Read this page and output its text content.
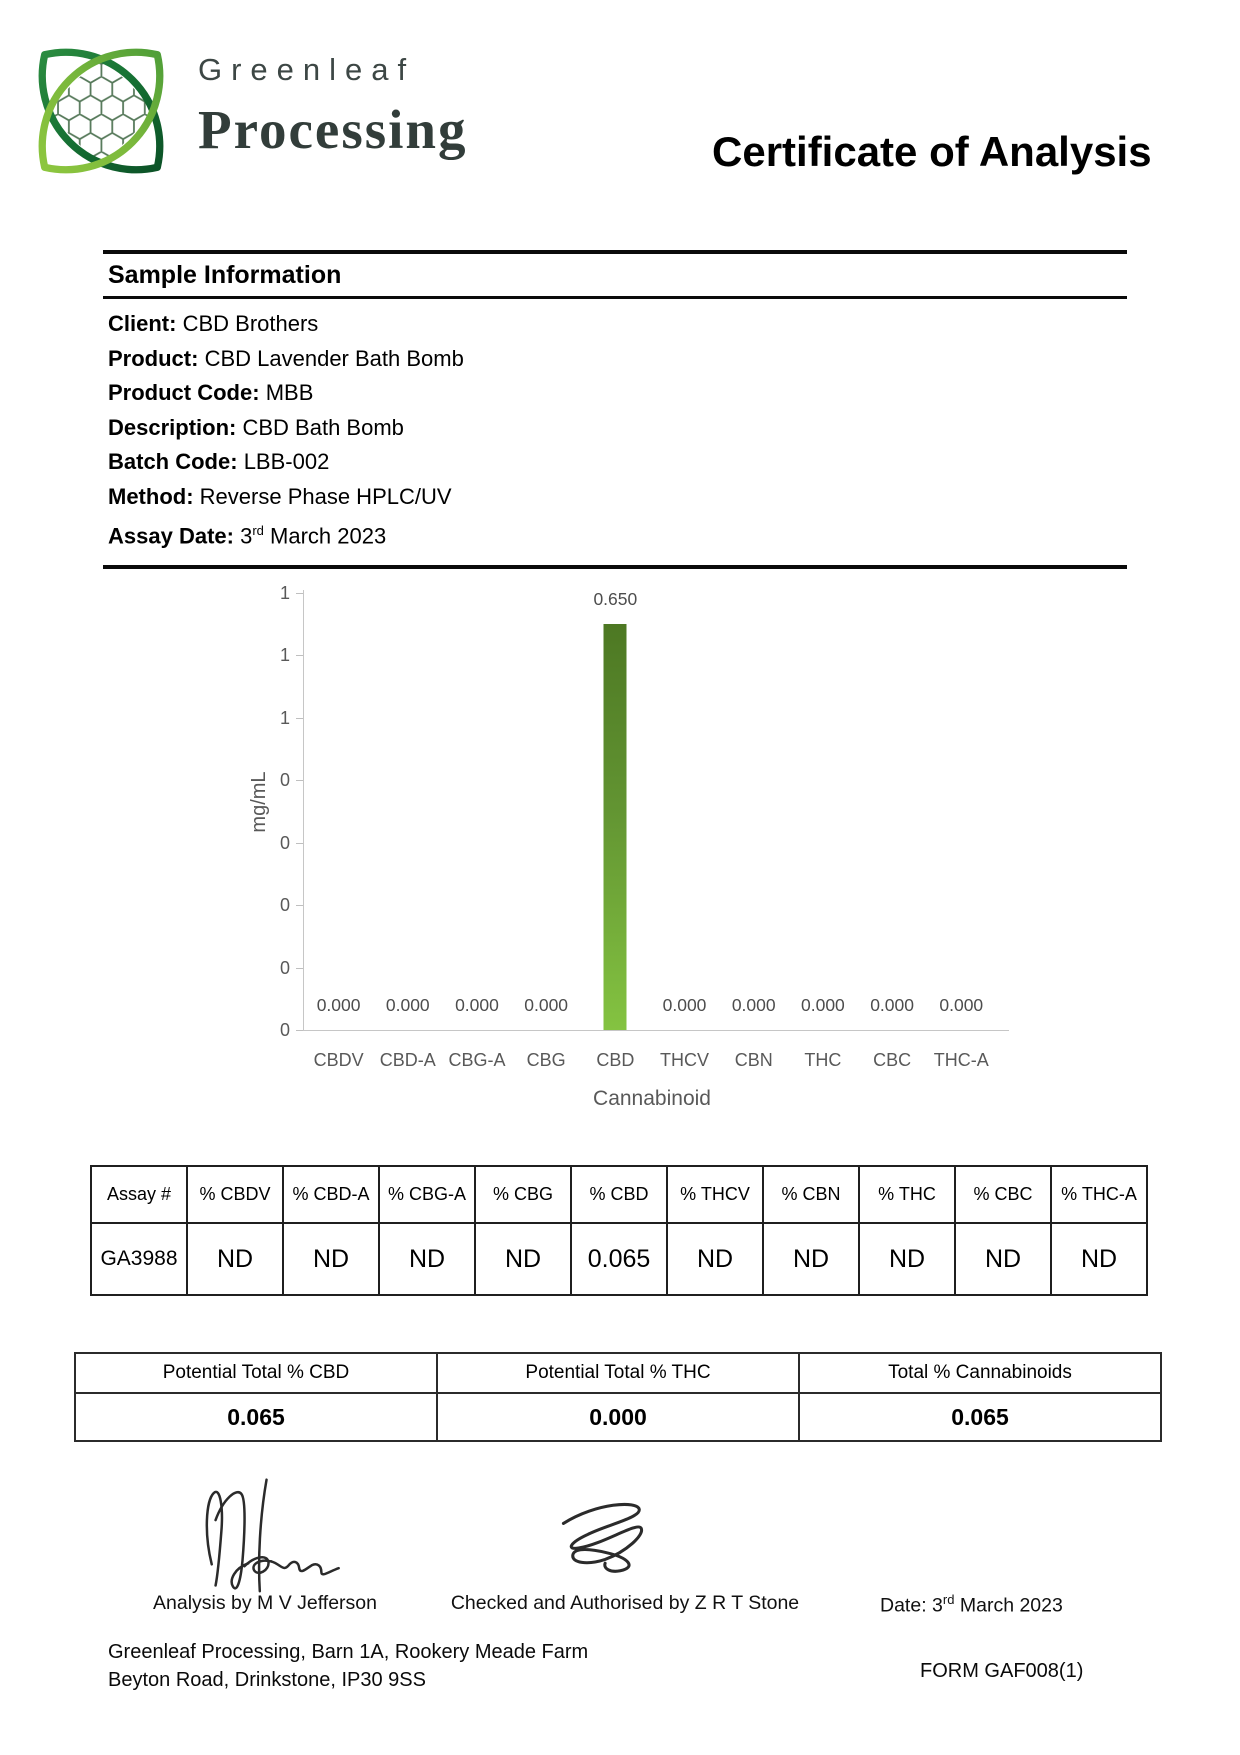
Greenleaf
Processing	Certificate of Analysis
Sample Information
Client: CBD Brothers
Product: CBD Lavender Bath Bomb
Product Code: MBB
Description: CBD Bath Bomb
Batch Code: LBB-002
Method: Reverse Phase HPLC/UV
Assay Date: 3rd March 2023
1
1
1
0
0
0
0
0
mg/mL
0.000
CBDV
0.000
CBD-A
0.000
CBG-A
0.000
CBG
0.650
CBD
0.000
THCV
0.000
CBN
0.000
THC
0.000
CBC
0.000
THC-A
Cannabinoid
Assay #	% CBDV	% CBD-A	% CBG-A	% CBG	% CBD	% THCV	% CBN	% THC	% CBC	% THC-A
GA3988	ND	ND	ND	ND	0.065	ND	ND	ND	ND	ND
Potential Total % CBD	Potential Total % THC	Total % Cannabinoids
0.065	0.000	0.065
Analysis by M V Jefferson	Checked and Authorised by Z R T Stone	Date: 3rd March 2023
Greenleaf Processing, Barn 1A, Rookery Meade Farm
Beyton Road, Drinkstone, IP30 9SS	FORM GAF008(1)
